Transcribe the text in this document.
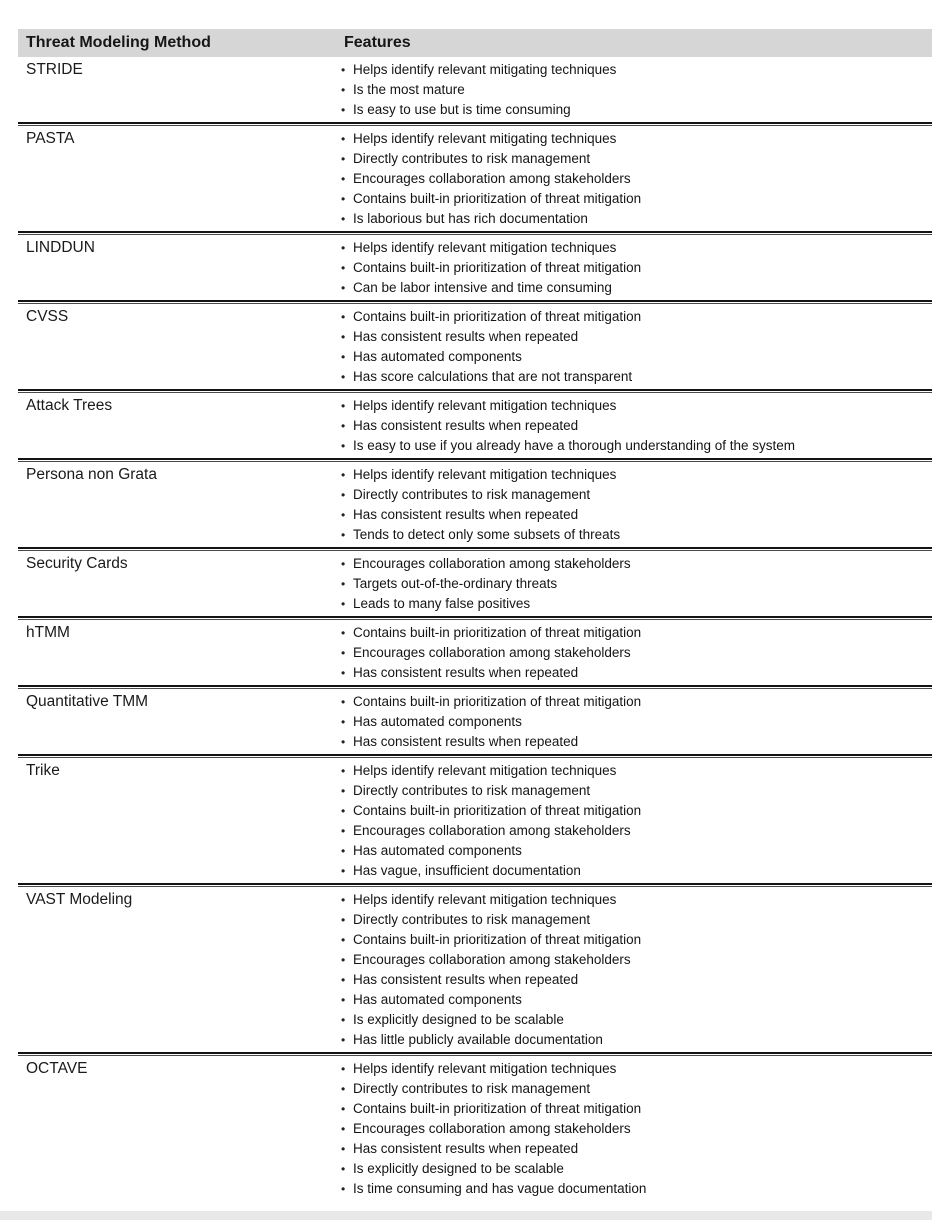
Threat Modeling Method	Features
STRIDE	• Helps identify relevant mitigating techniques
• Is the most mature
• Is easy to use but is time consuming
PASTA	• Helps identify relevant mitigating techniques
• Directly contributes to risk management
• Encourages collaboration among stakeholders
• Contains built-in prioritization of threat mitigation
• Is laborious but has rich documentation
LINDDUN	• Helps identify relevant mitigation techniques
• Contains built-in prioritization of threat mitigation
• Can be labor intensive and time consuming
CVSS	• Contains built-in prioritization of threat mitigation
• Has consistent results when repeated
• Has automated components
• Has score calculations that are not transparent
Attack Trees	• Helps identify relevant mitigation techniques
• Has consistent results when repeated
• Is easy to use if you already have a thorough understanding of the system
Persona non Grata	• Helps identify relevant mitigation techniques
• Directly contributes to risk management
• Has consistent results when repeated
• Tends to detect only some subsets of threats
Security Cards	• Encourages collaboration among stakeholders
• Targets out-of-the-ordinary threats
• Leads to many false positives
hTMM	• Contains built-in prioritization of threat mitigation
• Encourages collaboration among stakeholders
• Has consistent results when repeated
Quantitative TMM	• Contains built-in prioritization of threat mitigation
• Has automated components
• Has consistent results when repeated
Trike	• Helps identify relevant mitigation techniques
• Directly contributes to risk management
• Contains built-in prioritization of threat mitigation
• Encourages collaboration among stakeholders
• Has automated components
• Has vague, insufficient documentation
VAST Modeling	• Helps identify relevant mitigation techniques
• Directly contributes to risk management
• Contains built-in prioritization of threat mitigation
• Encourages collaboration among stakeholders
• Has consistent results when repeated
• Has automated components
• Is explicitly designed to be scalable
• Has little publicly available documentation
OCTAVE	• Helps identify relevant mitigation techniques
• Directly contributes to risk management
• Contains built-in prioritization of threat mitigation
• Encourages collaboration among stakeholders
• Has consistent results when repeated
• Is explicitly designed to be scalable
• Is time consuming and has vague documentation
